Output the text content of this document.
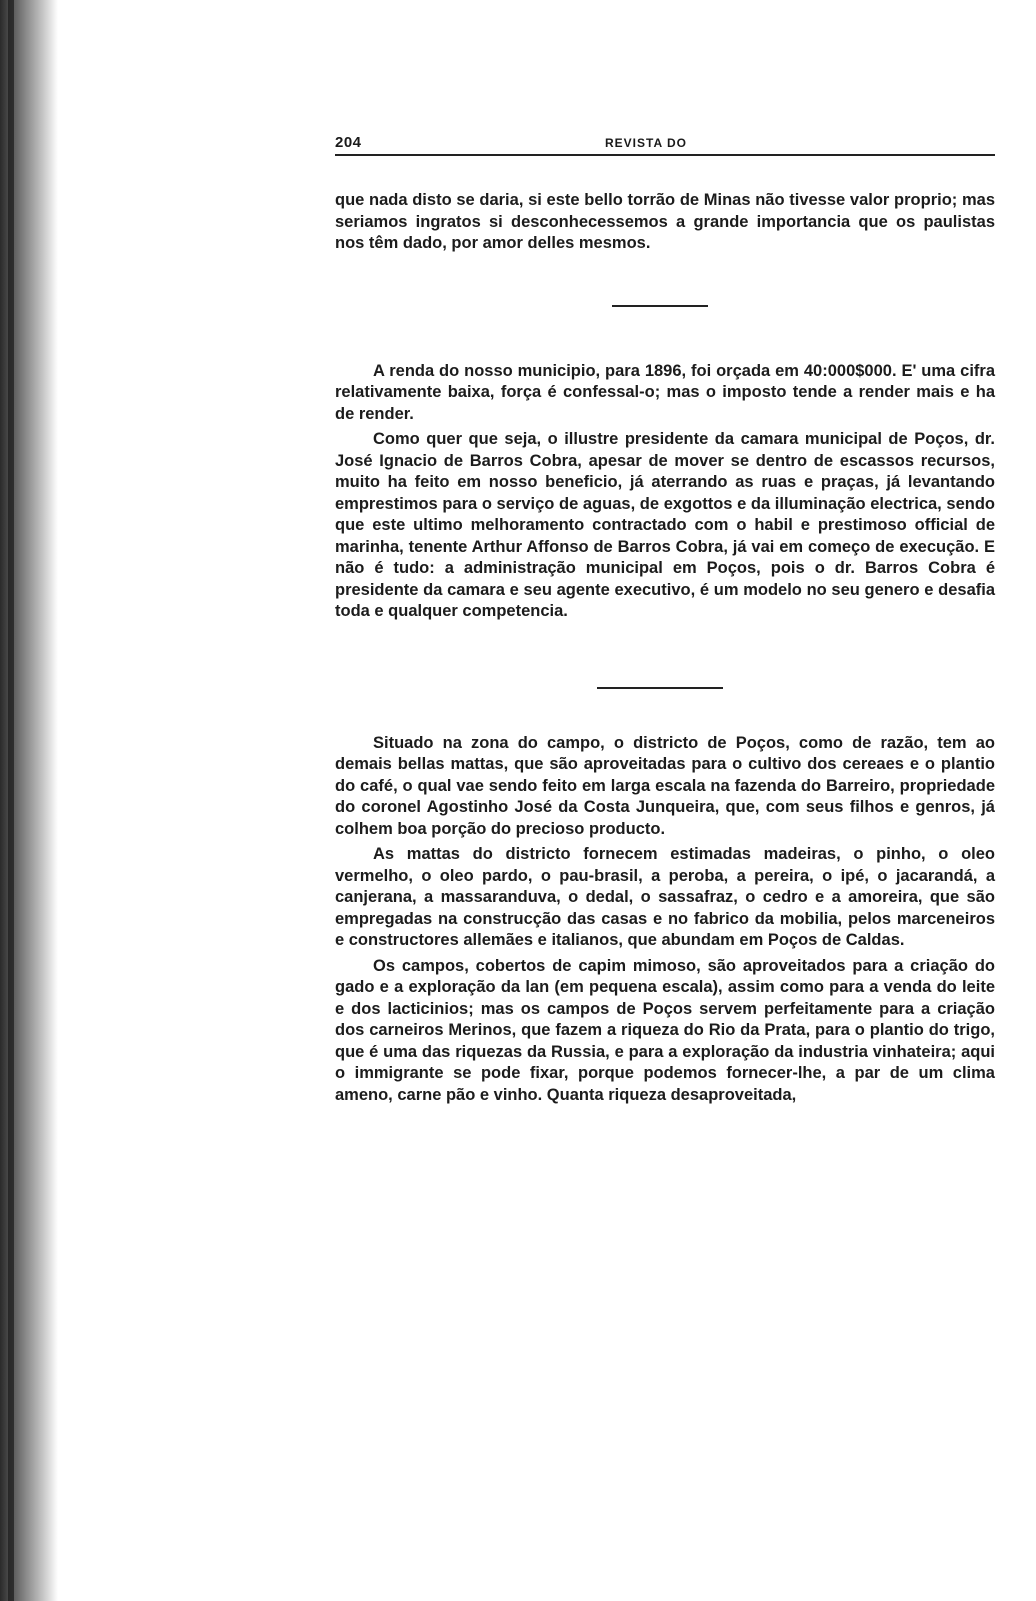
204	REVISTA DO

que nada disto se daria, si este bello torrão de Minas não tivesse valor proprio; mas seriamos ingratos si desconhecessemos a grande importancia que os paulistas nos têm dado, por amor delles mesmos.

A renda do nosso municipio, para 1896, foi orçada em 40:000$000. E' uma cifra relativamente baixa, força é confessal-o; mas o imposto tende a render mais e ha de render.

Como quer que seja, o illustre presidente da camara municipal de Poços, dr. José Ignacio de Barros Cobra, apesar de mover se dentro de escassos recursos, muito ha feito em nosso beneficio, já aterrando as ruas e praças, já levantando emprestimos para o serviço de aguas, de exgottos e da illuminação electrica, sendo que este ultimo melhoramento contractado com o habil e prestimoso official de marinha, tenente Arthur Affonso de Barros Cobra, já vai em começo de execução. E não é tudo: a administração municipal em Poços, pois o dr. Barros Cobra é presidente da camara e seu agente executivo, é um modelo no seu genero e desafia toda e qualquer competencia.

Situado na zona do campo, o districto de Poços, como de razão, tem ao demais bellas mattas, que são aproveitadas para o cultivo dos cereaes e o plantio do café, o qual vae sendo feito em larga escala na fazenda do Barreiro, propriedade do coronel Agostinho José da Costa Junqueira, que, com seus filhos e genros, já colhem boa porção do precioso producto.

As mattas do districto fornecem estimadas madeiras, o pinho, o oleo vermelho, o oleo pardo, o pau-brasil, a peroba, a pereira, o ipé, o jacarandá, a canjerana, a massaranduva, o dedal, o sassafraz, o cedro e a amoreira, que são empregadas na construcção das casas e no fabrico da mobilia, pelos marceneiros e constructores allemães e italianos, que abundam em Poços de Caldas.

Os campos, cobertos de capim mimoso, são aproveitados para a criação do gado e a exploração da lan (em pequena escala), assim como para a venda do leite e dos lacticinios; mas os campos de Poços servem perfeitamente para a criação dos carneiros Merinos, que fazem a riqueza do Rio da Prata, para o plantio do trigo, que é uma das riquezas da Russia, e para a exploração da industria vinhateira; aqui o immigrante se pode fixar, porque podemos fornecer-lhe, a par de um clima ameno, carne pão e vinho. Quanta riqueza desaproveitada,
